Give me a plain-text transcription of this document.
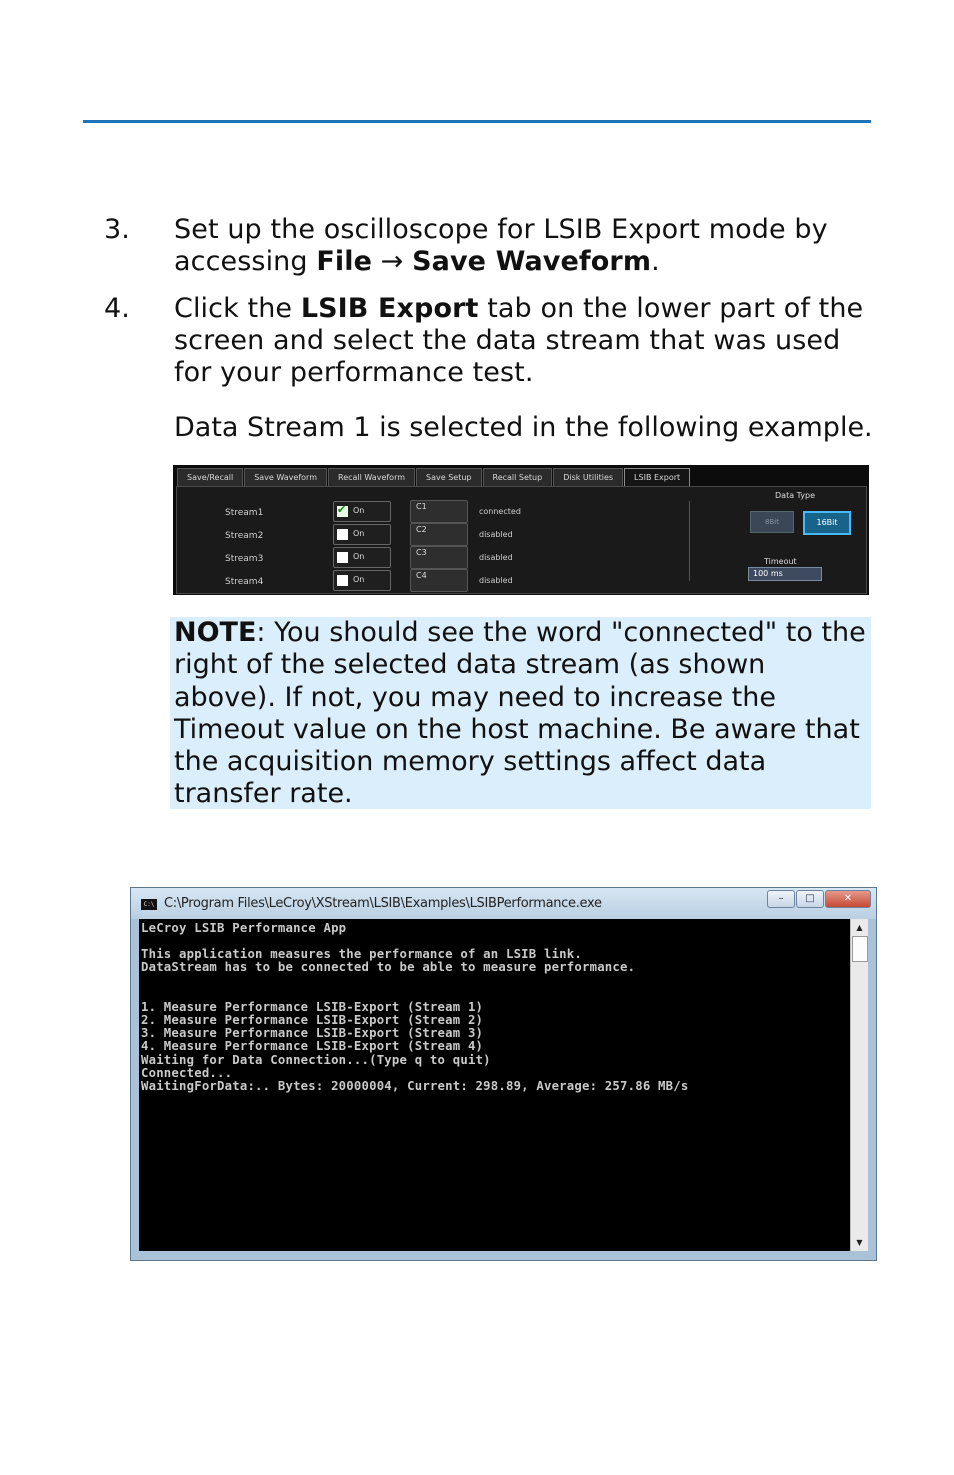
3. Set up the oscilloscope for LSIB Export mode by accessing File → Save Waveform.
4. Click the LSIB Export tab on the lower part of the screen and select the data stream that was used for your performance test.
Data Stream 1 is selected in the following example.
Save/Recall	Save Waveform	Recall Waveform	Save Setup	Recall Setup	Disk Utilities	LSIB Export
Stream1
✔	On	C1
connected
Stream2	On	C2
disabled
Stream3	On	C3
disabled
Stream4	On	C4
disabled
Data Type
8Bit	16Bit
Timeout
100 ms

NOTE: You should see the word "connected" to the right of the selected data stream (as shown above). If not, you may need to increase the Timeout value on the host machine. Be aware that the acquisition memory settings affect data transfer rate.

C:\ C:\Program Files\LeCroy\XStream\LSIB\Examples\LSIBPerformance.exe	–	□	✕
LeCroy LSIB Performance App
This application measures the performance of an LSIB link.
DataStream has to be connected to be able to measure performance.
1. Measure Performance LSIB-Export (Stream 1)
2. Measure Performance LSIB-Export (Stream 2)
3. Measure Performance LSIB-Export (Stream 3)
4. Measure Performance LSIB-Export (Stream 4)
Waiting for Data Connection...(Type q to quit)
Connected...
WaitingForData:.. Bytes: 20000004, Current: 298.89, Average: 257.86 MB/s
▲
▼
